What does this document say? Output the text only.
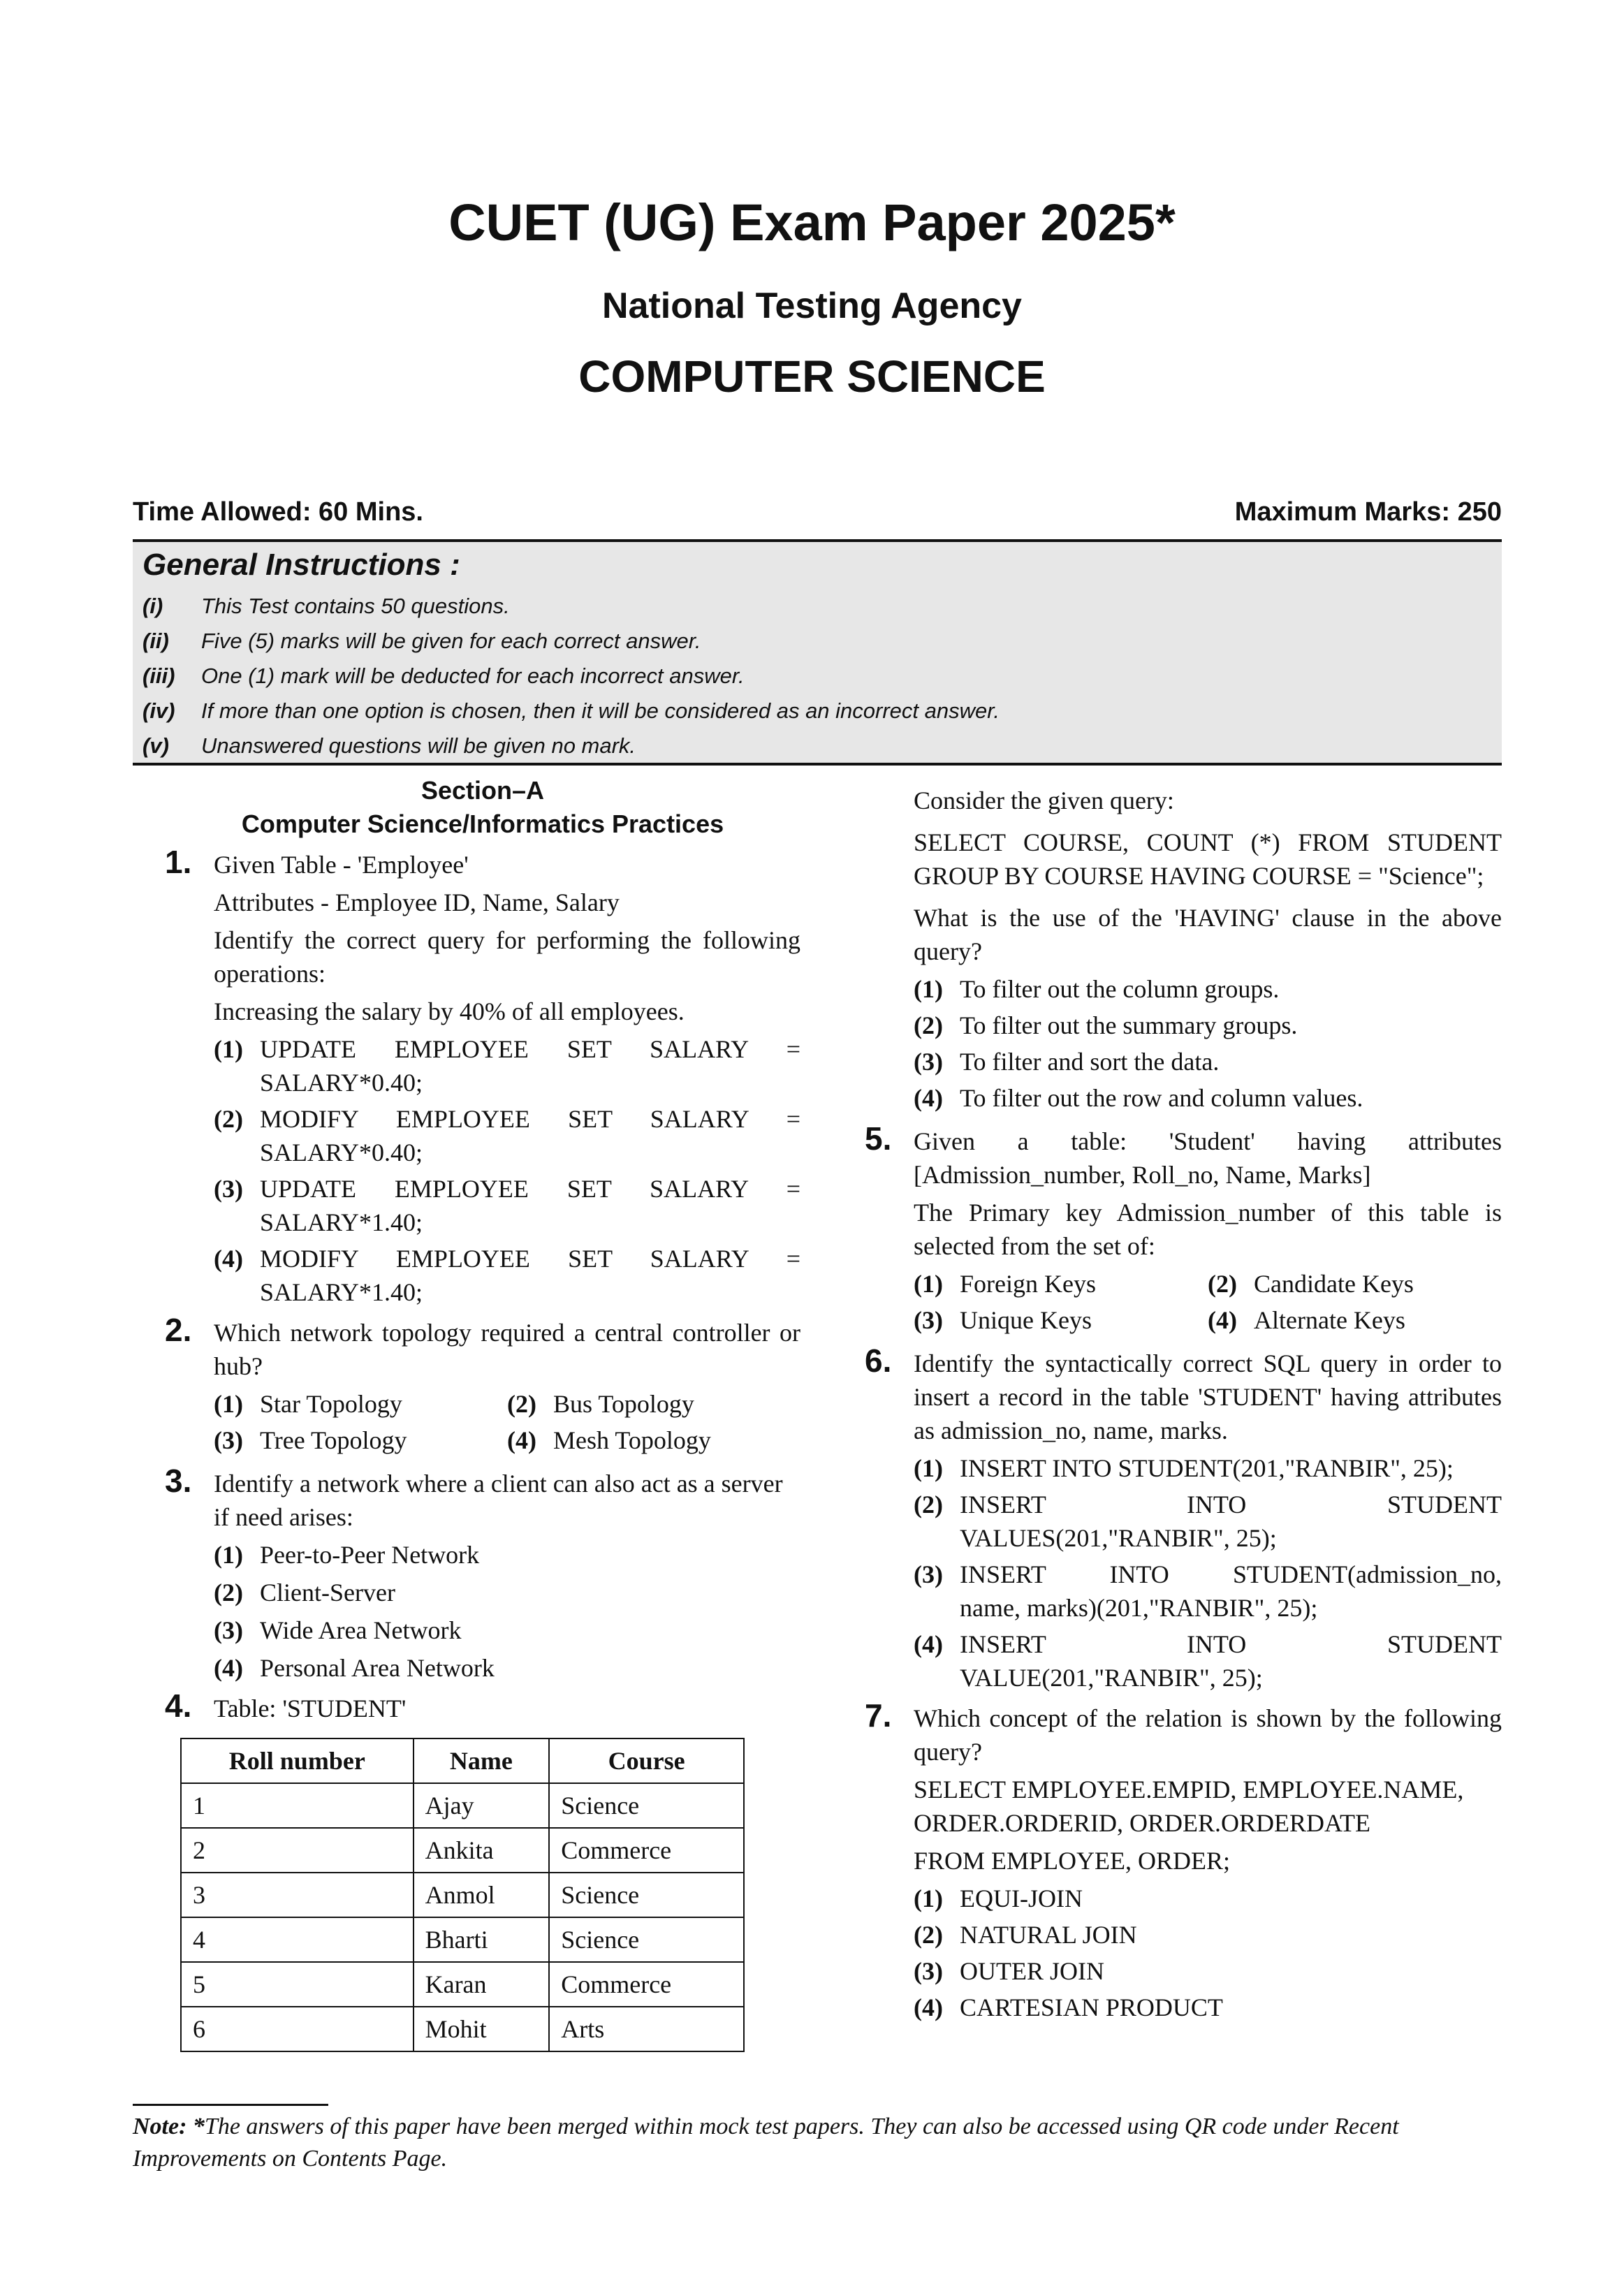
CUET (UG) Exam Paper 2025*
National Testing Agency
COMPUTER SCIENCE
Time Allowed: 60 Mins.	Maximum Marks: 250
General Instructions :
(i) This Test contains 50 questions.
(ii) Five (5) marks will be given for each correct answer.
(iii) One (1) mark will be deducted for each incorrect answer.
(iv) If more than one option is chosen, then it will be considered as an incorrect answer.
(v) Unanswered questions will be given no mark.
Section–A
Computer Science/Informatics Practices
1. Given Table - 'Employee'

Attributes - Employee ID, Name, Salary

Identify the correct query for performing the following operations:

Increasing the salary by 40% of all employees.

(1) UPDATE EMPLOYEE SET SALARY =
SALARY*0.40;
(2) MODIFY EMPLOYEE SET SALARY =
SALARY*0.40;
(3) UPDATE EMPLOYEE SET SALARY =
SALARY*1.40;
(4) MODIFY EMPLOYEE SET SALARY =
SALARY*1.40;
2. Which network topology required a central controller or hub?

(1) Star Topology	(2) Bus Topology
(3) Tree Topology	(4) Mesh Topology
3. Identify a network where a client can also act as a server if need arises:

(1) Peer-to-Peer Network
(2) Client-Server
(3) Wide Area Network
(4) Personal Area Network
4. Table: 'STUDENT'

Roll number	Name	Course
1	Ajay	Science
2	Ankita	Commerce
3	Anmol	Science
4	Bharti	Science
5	Karan	Commerce
6	Mohit	Arts

Consider the given query:

SELECT COURSE, COUNT (*) FROM STUDENT GROUP BY COURSE HAVING COURSE = "Science";

What is the use of the 'HAVING' clause in the above query?

(1) To filter out the column groups.
(2) To filter out the summary groups.
(3) To filter and sort the data.
(4) To filter out the row and column values.
5. Given a table: 'Student' having attributes [Admission_number, Roll_no, Name, Marks]

The Primary key Admission_number of this table is selected from the set of:

(1) Foreign Keys	(2) Candidate Keys
(3) Unique Keys	(4) Alternate Keys
6. Identify the syntactically correct SQL query in order to insert a record in the table 'STUDENT' having attributes as admission_no, name, marks.

(1) INSERT INTO STUDENT(201,"RANBIR", 25);
(2) INSERT INTO STUDENT
VALUES(201,"RANBIR", 25);
(3) INSERT INTO STUDENT(admission_no,
name, marks)(201,"RANBIR", 25);
(4) INSERT INTO STUDENT
VALUE(201,"RANBIR", 25);
7. Which concept of the relation is shown by the following query?

SELECT EMPLOYEE.EMPID, EMPLOYEE.NAME, ORDER.ORDERID, ORDER.ORDERDATE

FROM EMPLOYEE, ORDER;

(1) EQUI-JOIN
(2) NATURAL JOIN
(3) OUTER JOIN
(4) CARTESIAN PRODUCT
Note: *The answers of this paper have been merged within mock test papers. They can also be accessed using QR code under Recent Improvements on Contents Page.
